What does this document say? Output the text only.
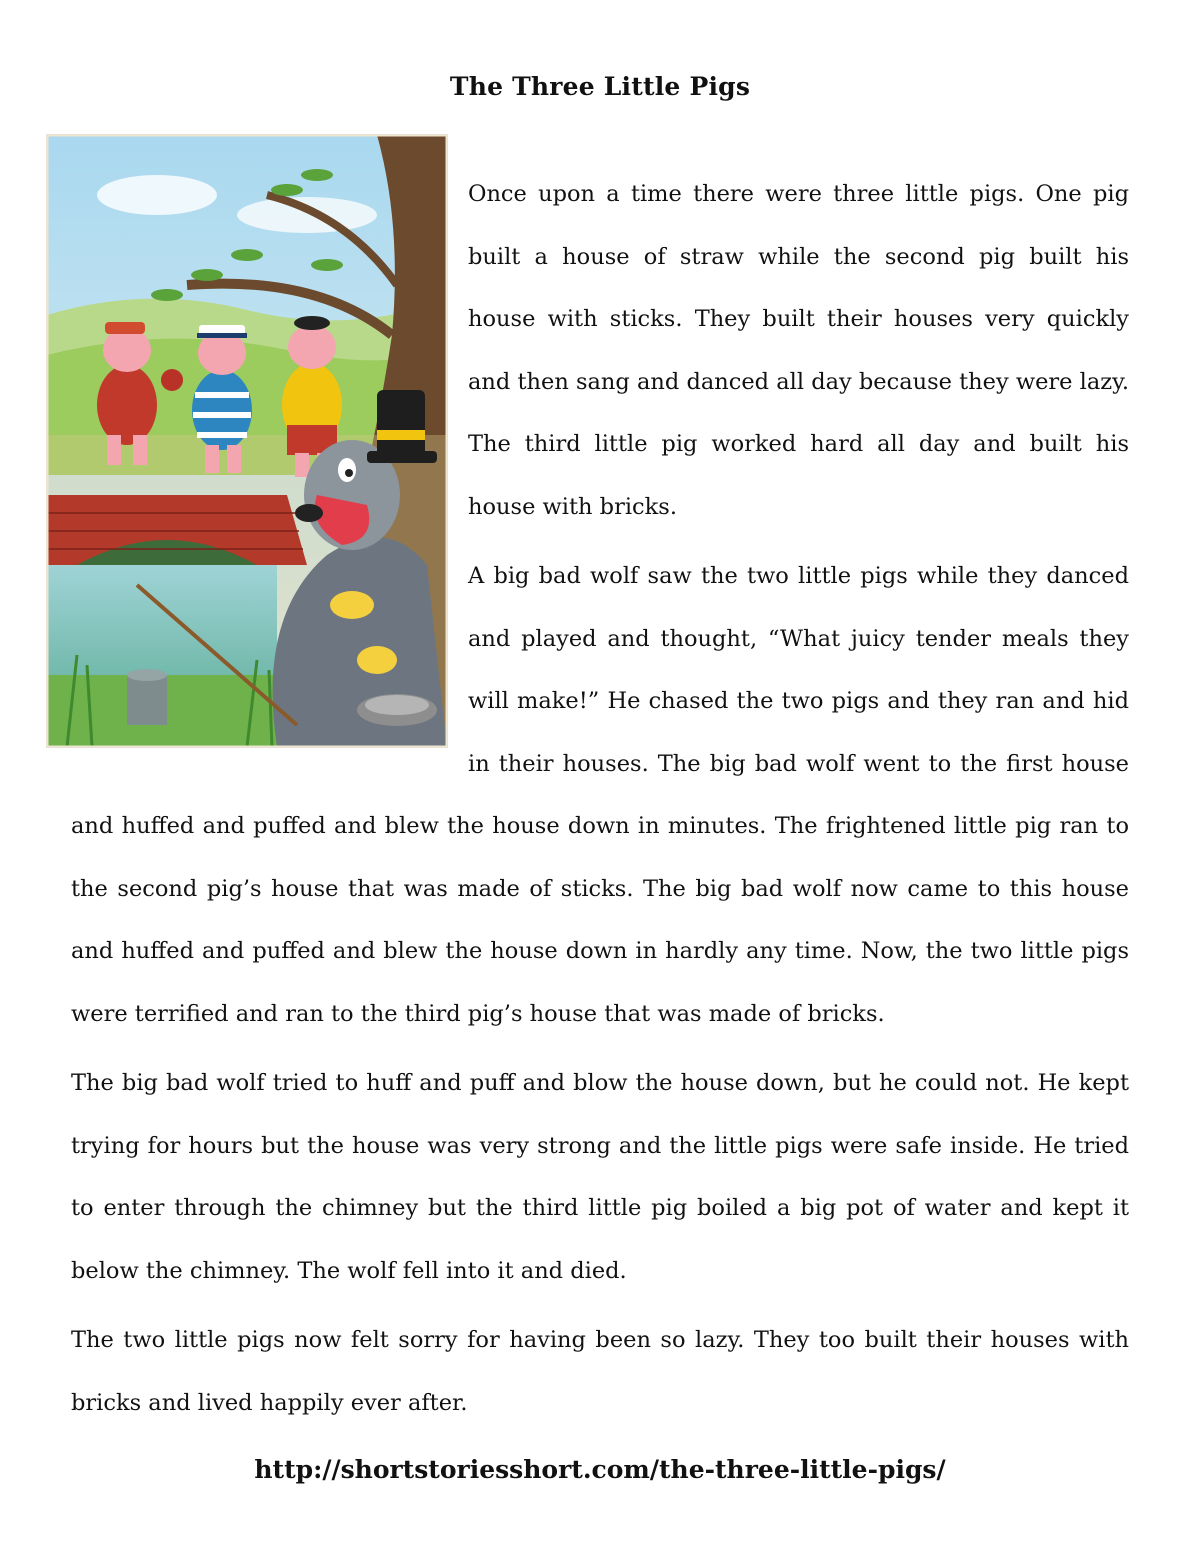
The Three Little Pigs

Once upon a time there were three little pigs. One pig built a house of straw while the second pig built his house with sticks. They built their houses very quickly and then sang and danced all day because they were lazy. The third little pig worked hard all day and built his house with bricks.

A big bad wolf saw the two little pigs while they danced and played and thought, “What juicy tender meals they will make!” He chased the two pigs and they ran and hid in their houses. The big bad wolf went to the first house and huffed and puffed and blew the house down in minutes. The frightened little pig ran to the second pig’s house that was made of sticks. The big bad wolf now came to this house and huffed and puffed and blew the house down in hardly any time. Now, the two little pigs were terrified and ran to the third pig’s house that was made of bricks.

The big bad wolf tried to huff and puff and blow the house down, but he could not. He kept trying for hours but the house was very strong and the little pigs were safe inside. He tried to enter through the chimney but the third little pig boiled a big pot of water and kept it below the chimney. The wolf fell into it and died.

The two little pigs now felt sorry for having been so lazy. They too built their houses with bricks and lived happily ever after.

http://shortstoriesshort.com/the-three-little-pigs/
